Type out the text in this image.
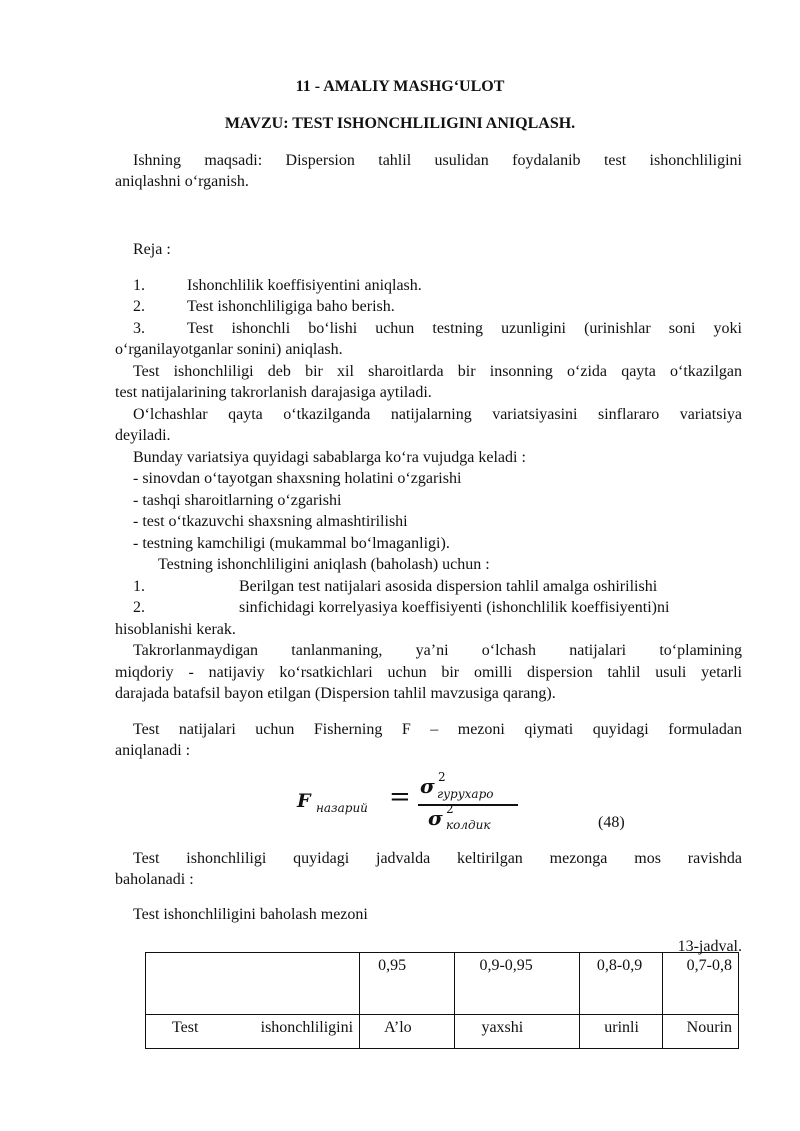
11 - AMALIY MASHG‘ULOT
MAVZU: TEST ISHONCHLILIGINI ANIQLASH.
Ishning maqsadi: Dispersion tahlil usulidan foydalanib test ishonchliligini
aniqlashni o‘rganish.
Reja :
1.	Ishonchlilik koeffisiyentini aniqlash.
2.	Test ishonchliligiga baho berish.
3.	Test ishonchli bo‘lishi uchun testning uzunligini (urinishlar soni yoki
o‘rganilayotganlar sonini) aniqlash.
Test ishonchliligi deb bir xil sharoitlarda bir insonning o‘zida qayta o‘tkazilgan
test natijalarining takrorlanish darajasiga aytiladi.
O‘lchashlar qayta o‘tkazilganda natijalarning variatsiyasini sinflararo variatsiya
deyiladi.
Bunday variatsiya quyidagi sabablarga ko‘ra vujudga keladi :
- sinovdan o‘tayotgan shaxsning holatini o‘zgarishi
- tashqi sharoitlarning o‘zgarishi
- test o‘tkazuvchi shaxsning almashtirilishi
- testning kamchiligi (mukammal bo‘lmaganligi).
Testning ishonchliligini aniqlash (baholash) uchun :
1.	Berilgan test natijalari asosida dispersion tahlil amalga oshirilishi
2.	sinfichidagi korrelyasiya koeffisiyenti (ishonchlilik koeffisiyenti)ni
hisoblanishi kerak.
Takrorlanmaydigan tanlanmaning, ya’ni o‘lchash natijalari to‘plamining
miqdoriy - natijaviy ko‘rsatkichlari uchun bir omilli dispersion tahlil usuli yetarli
darajada batafsil bayon etilgan (Dispersion tahlil mavzusiga qarang).
Test natijalari uchun Fisherning F – mezoni qiymati quyidagi formuladan
aniqlanadi :
F назарий = σ 2
гурухаро
σ 2
колдик	(48)
Test ishonchliligi quyidagi jadvalda keltirilgan mezonga mos ravishda
baholanadi :
Test ishonchliligini baholash mezoni
13-jadval.
	0,95	0,9-0,95	0,8-0,9	0,7-0,8
Test ishonchliligini	A’lo	yaxshi	urinli	Nourin
